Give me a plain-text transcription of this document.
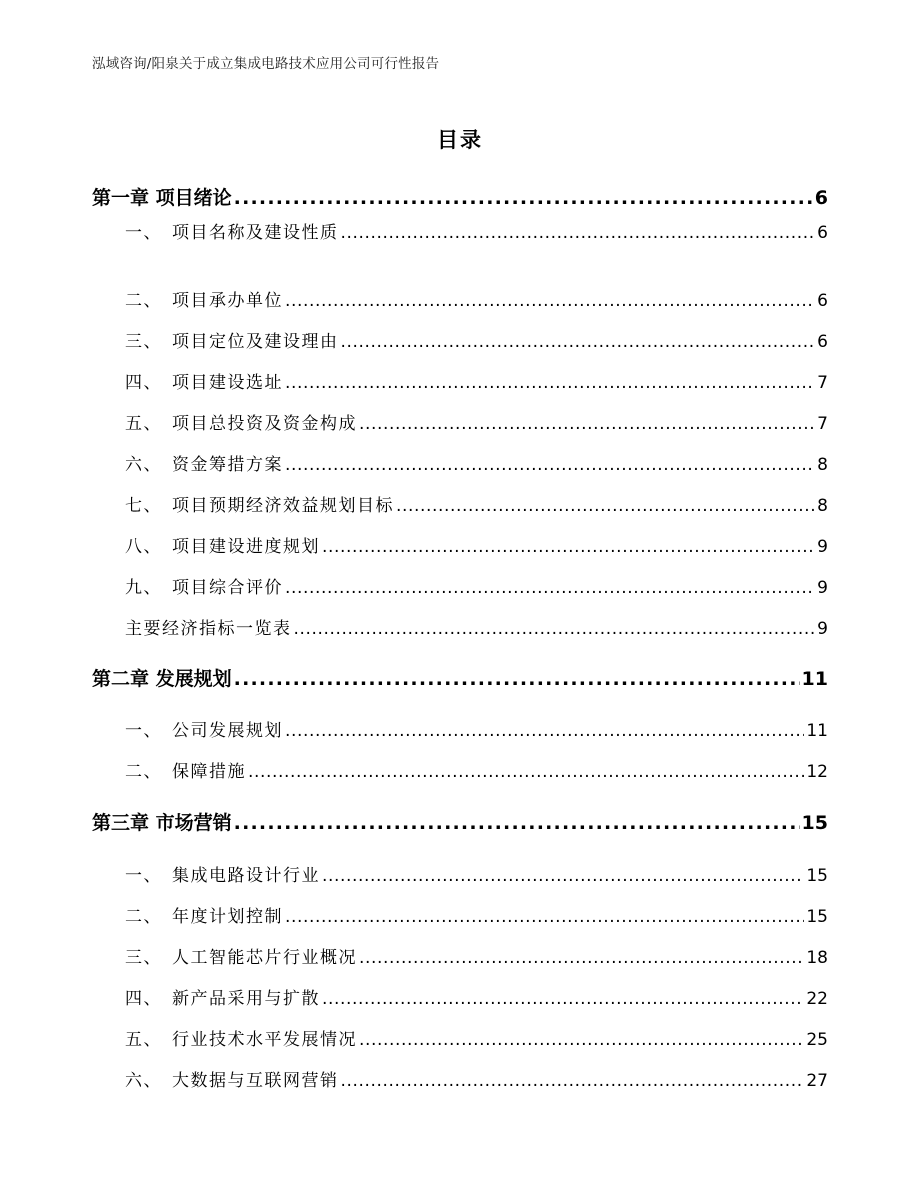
泓域咨询/阳泉关于成立集成电路技术应用公司可行性报告
目录
第一章 项目绪论 .....	6
一、 项目名称及建设性质 .....	6
二、 项目承办单位 .....	6
三、 项目定位及建设理由 .....	6
四、 项目建设选址 .....	7
五、 项目总投资及资金构成 .....	7
六、 资金筹措方案 .....	8
七、 项目预期经济效益规划目标 .....	8
八、 项目建设进度规划 .....	9
九、 项目综合评价 .....	9
主要经济指标一览表 .....	9
第二章 发展规划 .....	11
一、 公司发展规划 .....	11
二、 保障措施 .....	12
第三章 市场营销 .....	15
一、 集成电路设计行业 .....	15
二、 年度计划控制 .....	15
三、 人工智能芯片行业概况 .....	18
四、 新产品采用与扩散 .....	22
五、 行业技术水平发展情况 .....	25
六、 大数据与互联网营销 .....	27
